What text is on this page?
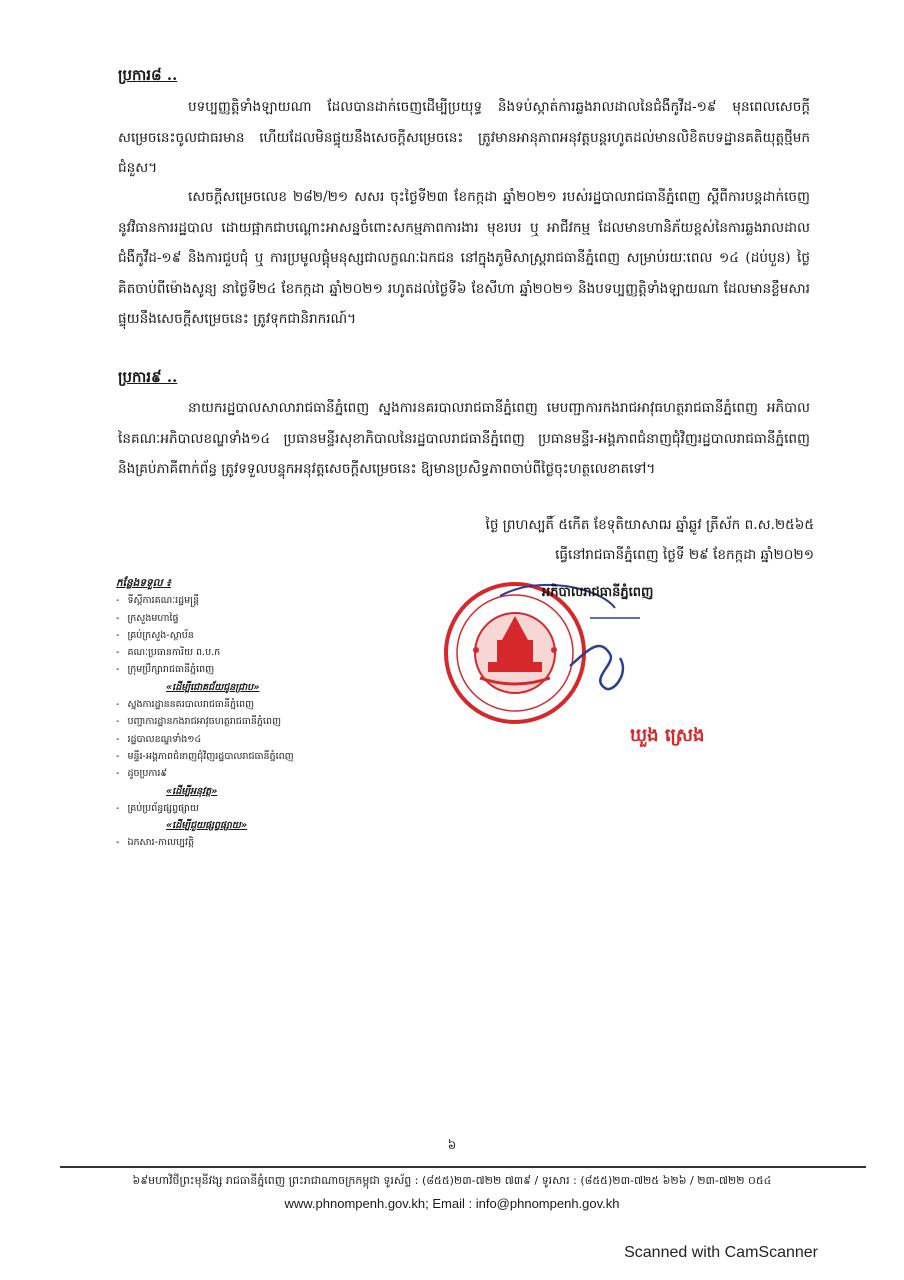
ប្រការ៨ ..
បទប្បញ្ញត្តិទាំងឡាយណា ដែលបានដាក់ចេញដើម្បីប្រយុទ្ធ និងទប់ស្កាត់ការឆ្លងរាលដាលនៃជំងឺកូវីដ-១៩ មុនពេលសេចក្តីសម្រេចនេះចូលជាធរមាន ហើយដែលមិនផ្ទុយនឹងសេចក្តីសម្រេចនេះ ត្រូវមានអានុភាពអនុវត្តបន្តរហូតដល់មានលិខិតបទដ្ឋានគតិយុត្តថ្មីមកជំនួស។
សេចក្តីសម្រេចលេខ ២៨២/២១ សសរ ចុះថ្ងៃទី២៣ ខែកក្កដា ឆ្នាំ២០២១ របស់រដ្ឋបាលរាជធានីភ្នំពេញ ស្តីពីការបន្តដាក់ចេញនូវវិធានការរដ្ឋបាល ដោយផ្អាកជាបណ្តោះអាសន្នចំពោះសកម្មភាពការងារ មុខរបរ ឬ អាជីវកម្ម ដែលមានហានិភ័យខ្ពស់នៃការឆ្លងរាលដាលជំងឺកូវីដ-១៩ និងការជួបជុំ ឬ ការប្រមូលផ្តុំមនុស្សជាលក្ខណៈឯកជន នៅក្នុងភូមិសាស្ត្ររាជធានីភ្នំពេញ សម្រាប់រយៈពេល ១៤ (ដប់បួន) ថ្ងៃ គិតចាប់ពីម៉ោងសូន្យ នាថ្ងៃទី២៤ ខែកក្កដា ឆ្នាំ២០២១ រហូតដល់ថ្ងៃទី៦ ខែសីហា ឆ្នាំ២០២១ និងបទប្បញ្ញត្តិទាំងឡាយណា ដែលមានខ្លឹមសារផ្ទុយនឹងសេចក្តីសម្រេចនេះ ត្រូវទុកជានិរាករណ៍។
ប្រការ៩ ..
នាយករដ្ឋបាលសាលារាជធានីភ្នំពេញ ស្នងការនគរបាលរាជធានីភ្នំពេញ មេបញ្ជាការកងរាជអាវុធហត្ថរាជធានីភ្នំពេញ អភិបាល នៃគណៈអភិបាលខណ្ឌទាំង១៤ ប្រធានមន្ទីរសុខាភិបាលនៃរដ្ឋបាលរាជធានីភ្នំពេញ ប្រធានមន្ទីរ-អង្គភាពជំនាញជុំវិញរដ្ឋបាលរាជធានីភ្នំពេញ និងគ្រប់ភាគីពាក់ព័ន្ធ ត្រូវទទួលបន្ទុកអនុវត្តសេចក្តីសម្រេចនេះ ឱ្យមានប្រសិទ្ធភាពចាប់ពីថ្ងៃចុះហត្ថលេខាតទៅ។
ថ្ងៃ ព្រហស្បតិ៍ ៥កើត ខែទុតិយាសាឍ ឆ្នាំឆ្លូវ ត្រីស័ក ព.ស.២៥៦៥
ធ្វើនៅរាជធានីភ្នំពេញ ថ្ងៃទី ២៩ ខែកក្កដា ឆ្នាំ២០២១
កន្លែងទទួល ៖
- ទីស្តីការគណៈរដ្ឋមន្ត្រី
- ក្រសួងមហាផ្ទៃ
- គ្រប់ក្រសួង-ស្ថាប័ន
- គណៈប្រធានការិយ ព.ប.ក
- ក្រុមប្រឹក្សារាជធានីភ្នំពេញ
«ដើម្បីជោគជ័យជូនជ្រាប»
- ស្នងការដ្ឋាននគរបាលរាជធានីភ្នំពេញ
- បញ្ជាការដ្ឋានកងរាជអាវុធហត្ថរាជធានីភ្នំពេញ
- រដ្ឋបាលខណ្ឌទាំង១៤
- មន្ទីរ-អង្គភាពជំនាញជុំវិញរដ្ឋបាលរាជធានីភ្នំពេញ
- ដូចប្រការ៩
«ដើម្បីអនុវត្ត»
- គ្រប់ប្រព័ន្ធផ្សព្វផ្សាយ
«ដើម្បីជួយផ្សព្វផ្សាយ»
- ឯកសារ-កាលប្បវត្តិ
អភិបាលរាជធានីភ្នំពេញ
ឃួង ស្រេង
៦
៦៩មហាវិថីព្រះមុនីវង្ស រាជធានីភ្នំពេញ ព្រះរាជាណាចក្រកម្ពុជា ទូរស័ព្ទ : (៨៥៥)២៣-៧២២ ៧៣៩ / ទូរសារ : (៨៥៥)២៣-៧២៥ ៦២៦ / ២៣-៧២២ ០៥៤
www.phnompenh.gov.kh; Email : info@phnompenh.gov.kh
Scanned with CamScanner
